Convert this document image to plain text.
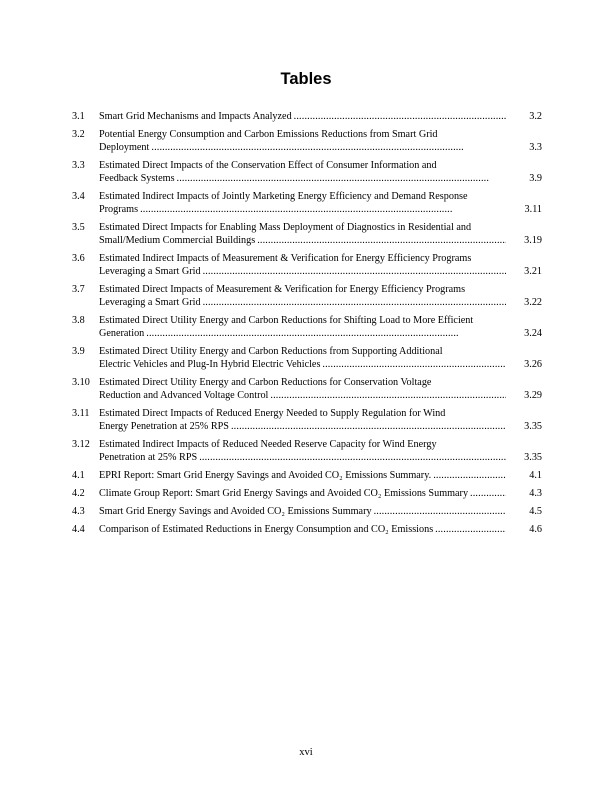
Tables
3.1	Smart Grid Mechanisms and Impacts Analyzed . . .	3.2
3.2	Potential Energy Consumption and Carbon Emissions Reductions from Smart Grid
Deployment . . .	3.3
3.3	Estimated Direct Impacts of the Conservation Effect of Consumer Information and
Feedback Systems . . .	3.9
3.4	Estimated Indirect Impacts of Jointly Marketing Energy Efficiency and Demand Response
Programs . . .	3.11
3.5	Estimated Direct Impacts for Enabling Mass Deployment of Diagnostics in Residential and
Small/Medium Commercial Buildings . . .	3.19
3.6	Estimated Indirect Impacts of Measurement & Verification for Energy Efficiency Programs
Leveraging a Smart Grid . . .	3.21
3.7	Estimated Direct Impacts of Measurement & Verification for Energy Efficiency Programs
Leveraging a Smart Grid . . .	3.22
3.8	Estimated Direct Utility Energy and Carbon Reductions for Shifting Load to More Efficient
Generation . . .	3.24
3.9	Estimated Direct Utility Energy and Carbon Reductions from Supporting Additional
Electric Vehicles and Plug-In Hybrid Electric Vehicles . . .	3.26
3.10 Estimated Direct Utility Energy and Carbon Reductions for Conservation Voltage
Reduction and Advanced Voltage Control . . .	3.29
3.11 Estimated Direct Impacts of Reduced Energy Needed to Supply Regulation for Wind
Energy Penetration at 25% RPS . . .	3.35
3.12 Estimated Indirect Impacts of Reduced Needed Reserve Capacity for Wind Energy
Penetration at 25% RPS . . .	3.35
4.1	EPRI Report: Smart Grid Energy Savings and Avoided CO₂ Emissions Summary. . . .	4.1
4.2	Climate Group Report: Smart Grid Energy Savings and Avoided CO₂ Emissions Summary . . .	4.3
4.3	Smart Grid Energy Savings and Avoided CO₂ Emissions Summary . . .	4.5
4.4	Comparison of Estimated Reductions in Energy Consumption and CO₂ Emissions . . .	4.6
xvi
